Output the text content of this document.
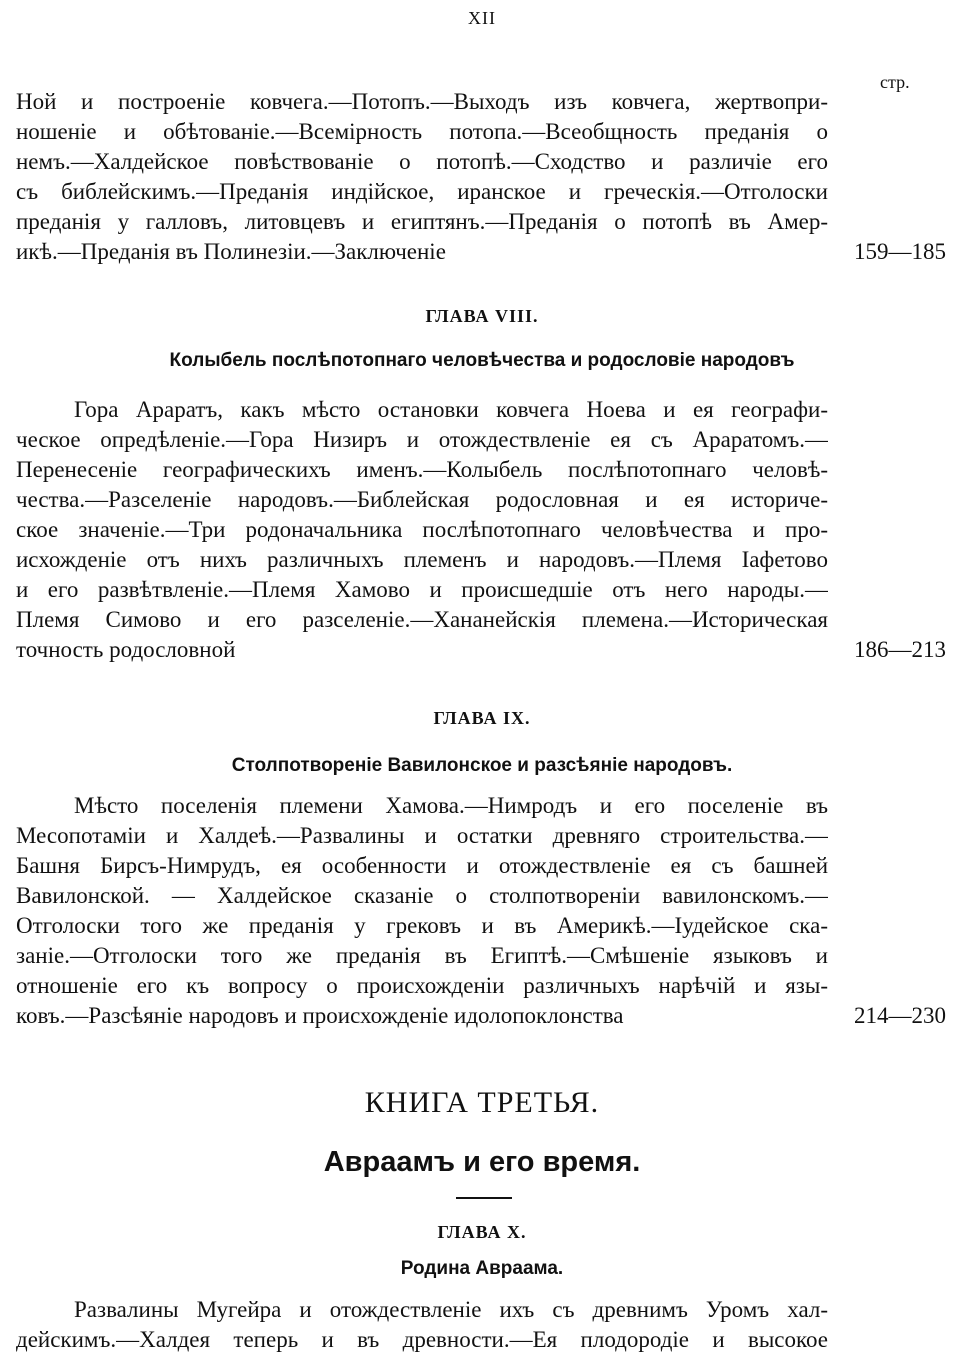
XII
стр.
Ной и построеніе ковчега.—Потопъ.—Выходъ изъ ковчега, жертвопри-
ношеніе и обѣтованіе.—Всемірность потопа.—Всеобщность преданія о
немъ.—Халдейское повѣствованіе о потопѣ.—Сходство и различіе его
съ библейскимъ.—Преданія индійское, иранское и греческія.—Отголоски
преданія у галловъ, литовцевъ и египтянъ.—Преданія о потопѣ въ Амер-
икѣ.—Преданія въ Полинезіи.—Заключеніе	159—185
ГЛАВА VIII.
Колыбель послѣпотопнаго человѣчества и родословіе народовъ
Гора Араратъ, какъ мѣсто остановки ковчега Ноева и ея географи-
ческое опредѣленіе.—Гора Низиръ и отождествленіе ея съ Араратомъ.—
Перенесеніе географическихъ именъ.—Колыбель послѣпотопнаго человѣ-
чества.—Разселеніе народовъ.—Библейская родословная и ея историче-
ское значеніе.—Три родоначальника послѣпотопнаго человѣчества и про-
исхожденіе отъ нихъ различныхъ племенъ и народовъ.—Племя Іафетово
и его развѣтвленіе.—Племя Хамово и происшедшіе отъ него народы.—
Племя Симово и его разселеніе.—Хананейскія племена.—Историческая
точность родословной	186—213
ГЛАВА IX.
Столпотвореніе Вавилонское и разсѣяніе народовъ.
Мѣсто поселенія племени Хамова.—Нимродъ и его поселеніе въ
Месопотаміи и Халдеѣ.—Развалины и остатки древняго строительства.—
Башня Бирсъ-Нимрудъ, ея особенности и отождествленіе ея съ башней
Вавилонской. — Халдейское сказаніе о столпотвореніи вавилонскомъ.—
Отголоски того же преданія у грековъ и въ Америкѣ.—Іудейское ска-
заніе.—Отголоски того же преданія въ Египтѣ.—Смѣшеніе языковъ и
отношеніе его къ вопросу о происхожденіи различныхъ нарѣчій и язы-
ковъ.—Разсѣяніе народовъ и происхожденіе идолопоклонства	214—230
КНИГА ТРЕТЬЯ.
Авраамъ и его время.
ГЛАВА X.
Родина Авраама.
Развалины Мугейра и отождествленіе ихъ съ древнимъ Уромъ хал-
дейскимъ.—Халдея теперь и въ древности.—Ея плодородіе и высокое
